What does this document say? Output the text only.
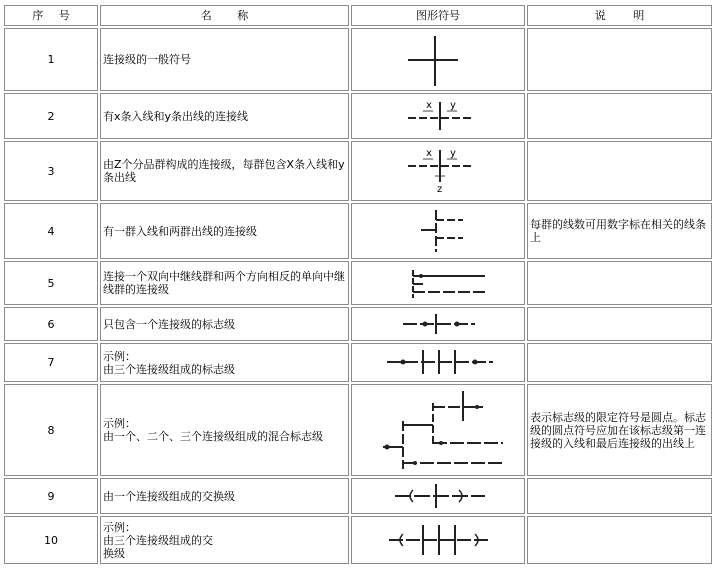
序 号	名 称	图形符号	说 明
1	连接级的一般符号	

2	有x条入线和y条出线的连接线	x y	

3	由Z个分品群构成的连接级，每群包含X条入线和y条出线	x y
z	

4	有一群入线和两群出线的连接级		每群的线数可用数字标在相关的线条上
5	连接一个双向中继线群和两个方向相反的单向中继线群的连接级	

6	只包含一个连接级的标志级	

7	示例：
由三个连接级组成的标志级	

8	示例：
由一个、二个、三个连接级组成的混合标志级		表示标志级的限定符号是圆点。标志级的圆点符号应加在该标志级第一连接级的入线和最后连接级的出线上
9	由一个连接级组成的交换级	

10	示例：
由三个连接级组成的交
换级	
